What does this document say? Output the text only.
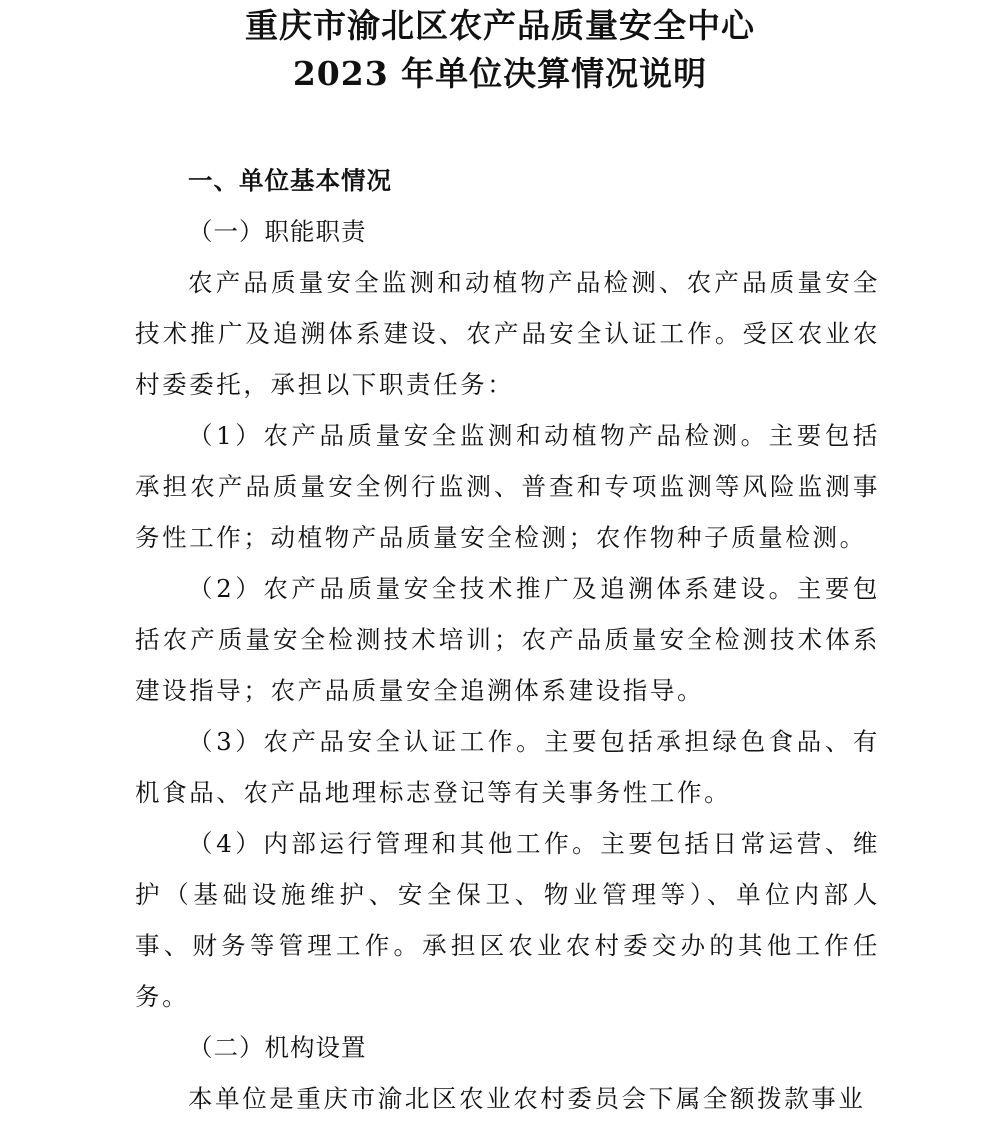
重庆市渝北区农产品质量安全中心
2023 年单位决算情况说明

一、单位基本情况

（一）职能职责

农产品质量安全监测和动植物产品检测、农产品质量安全技术推广及追溯体系建设、农产品安全认证工作。受区农业农村委委托，承担以下职责任务：

（1）农产品质量安全监测和动植物产品检测。主要包括承担农产品质量安全例行监测、普查和专项监测等风险监测事务性工作；动植物产品质量安全检测；农作物种子质量检测。

（2）农产品质量安全技术推广及追溯体系建设。主要包括农产质量安全检测技术培训；农产品质量安全检测技术体系建设指导；农产品质量安全追溯体系建设指导。

（3）农产品安全认证工作。主要包括承担绿色食品、有机食品、农产品地理标志登记等有关事务性工作。

（4）内部运行管理和其他工作。主要包括日常运营、维护（基础设施维护、安全保卫、物业管理等）、单位内部人事、财务等管理工作。承担区农业农村委交办的其他工作任务。

（二）机构设置

本单位是重庆市渝北区农业农村委员会下属全额拨款事业
